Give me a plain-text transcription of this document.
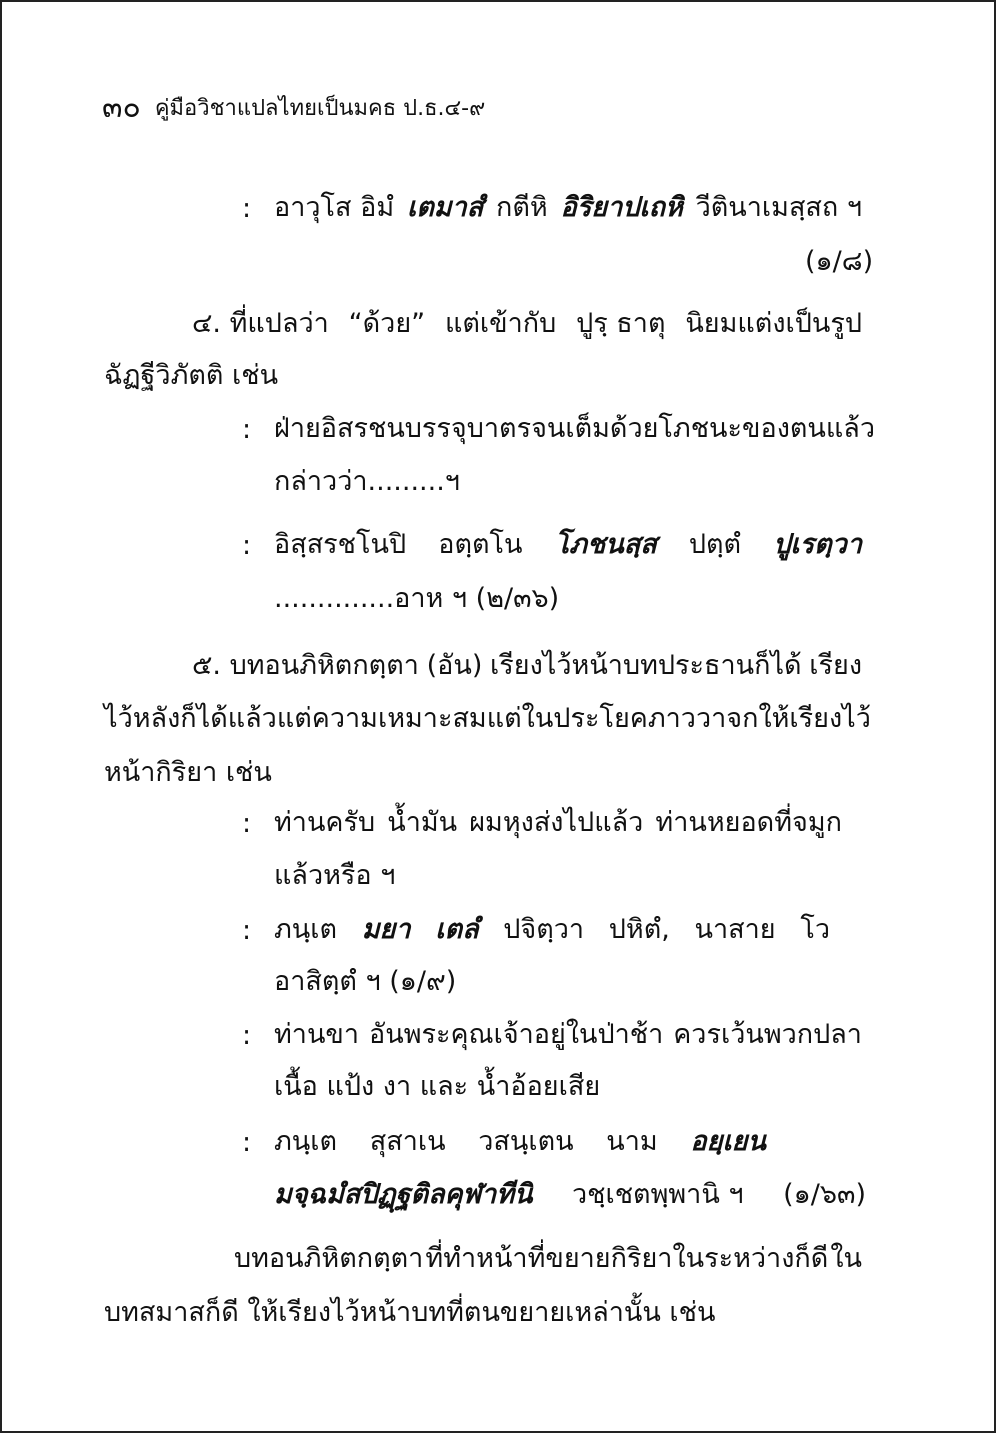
๓๐ คู่มือวิชาแปลไทยเป็นมคธ ป.ธ.๔-๙
: อาวุโส อิมํ เตมาสํ กตีหิ อิริยาปเถหิ วีตินาเมสฺสถ ฯ
(๑/๘)
๔. ที่แปลว่า “ด้วย” แต่เข้ากับ ปูรฺ ธาตุ นิยมแต่งเป็นรูป
ฉัฏฐีวิภัตติ เช่น
: ฝ่ายอิสรชนบรรจุบาตรจนเต็มด้วยโภชนะของตนแล้ว
กล่าวว่า.........ฯ
: อิสฺสรชโนปิ อตฺตโน โภชนสฺส ปตฺตํ ปูเรตฺวา
..............อาห ฯ (๒/๓๖)
๕. บทอนภิหิตกตฺตา (อัน) เรียงไว้หน้าบทประธานก็ได้ เรียง
ไว้หลังก็ได้ แล้วแต่ความเหมาะสม แต่ในประโยคภาววาจก ให้เรียงไว้
หน้ากิริยา เช่น
: ท่านครับ น้ำมัน ผมหุงส่งไปแล้ว ท่านหยอดที่จมูก
แล้วหรือ ฯ
: ภนฺเต มยา เตลํ ปจิตฺวา ปหิตํ, นาสาย โว
อาสิตฺตํ ฯ (๑/๙)
: ท่านขา อันพระคุณเจ้าอยู่ในป่าช้า ควรเว้นพวกปลา
เนื้อ แป้ง งา และ น้ำอ้อยเสีย
: ภนฺเต สุสาเน วสนฺเตน นาม อยฺเยน
มจฺฉมํสปิฏฺฐติลคุฬาทีนิ วชฺเชตพฺพานิ ฯ (๑/๖๓)
บทอนภิหิตกตฺตา ที่ทำหน้าที่ขยายกิริยาในระหว่างก็ดี ใน
บทสมาสก็ดี ให้เรียงไว้หน้าบทที่ตนขยายเหล่านั้น เช่น
